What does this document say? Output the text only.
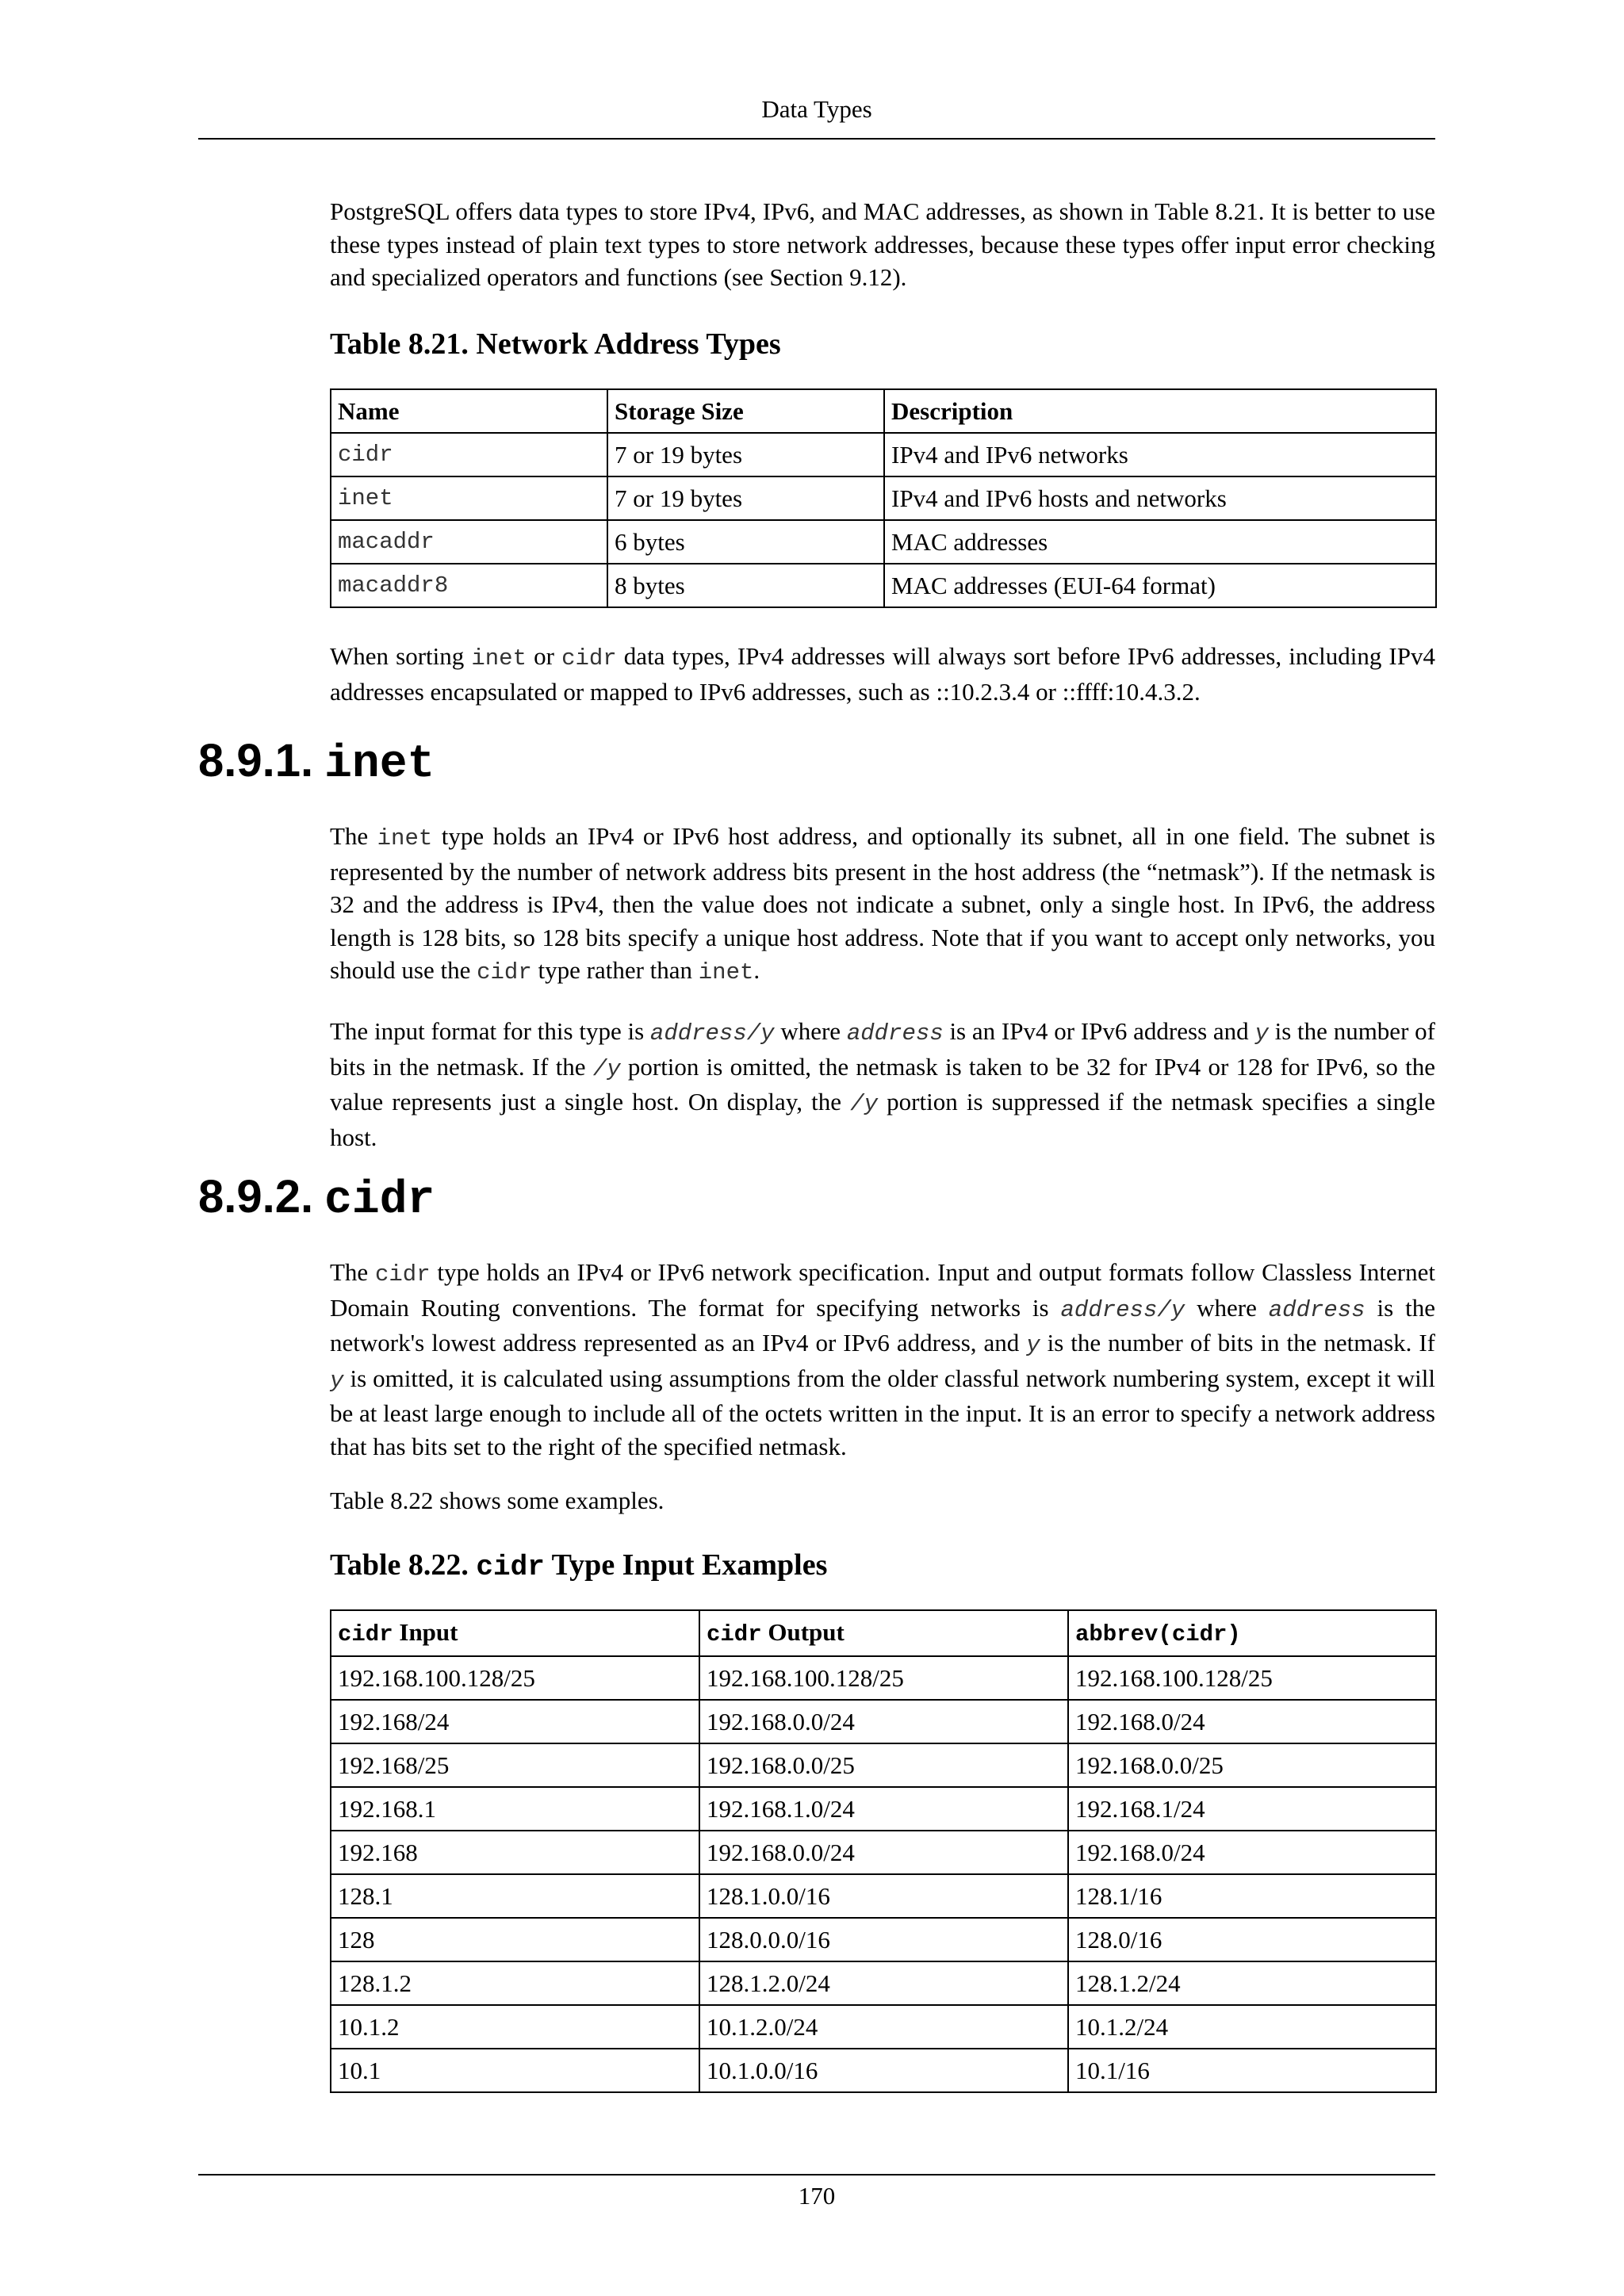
Data Types

PostgreSQL offers data types to store IPv4, IPv6, and MAC addresses, as shown in Table 8.21. It is better to use these types instead of plain text types to store network addresses, because these types offer input error checking and specialized operators and functions (see Section 9.12).

Table 8.21. Network Address Types

Name	Storage Size	Description
cidr	7 or 19 bytes	IPv4 and IPv6 networks
inet	7 or 19 bytes	IPv4 and IPv6 hosts and networks
macaddr	6 bytes	MAC addresses
macaddr8	8 bytes	MAC addresses (EUI-64 format)

When sorting inet or cidr data types, IPv4 addresses will always sort before IPv6 addresses, including IPv4 addresses encapsulated or mapped to IPv6 addresses, such as ::10.2.3.4 or ::ffff:10.4.3.2.

8.9.1. inet

The inet type holds an IPv4 or IPv6 host address, and optionally its subnet, all in one field. The subnet is represented by the number of network address bits present in the host address (the “netmask”). If the netmask is 32 and the address is IPv4, then the value does not indicate a subnet, only a single host. In IPv6, the address length is 128 bits, so 128 bits specify a unique host address. Note that if you want to accept only networks, you should use the cidr type rather than inet.

The input format for this type is address/y where address is an IPv4 or IPv6 address and y is the number of bits in the netmask. If the /y portion is omitted, the netmask is taken to be 32 for IPv4 or 128 for IPv6, so the value represents just a single host. On display, the /y portion is suppressed if the netmask specifies a single host.

8.9.2. cidr

The cidr type holds an IPv4 or IPv6 network specification. Input and output formats follow Classless Internet Domain Routing conventions. The format for specifying networks is address/y where address is the network's lowest address represented as an IPv4 or IPv6 address, and y is the number of bits in the netmask. If y is omitted, it is calculated using assumptions from the older classful network numbering system, except it will be at least large enough to include all of the octets written in the input. It is an error to specify a network address that has bits set to the right of the specified netmask.

Table 8.22 shows some examples.

Table 8.22. cidr Type Input Examples

cidr Input	cidr Output	abbrev(cidr)
192.168.100.128/25	192.168.100.128/25	192.168.100.128/25
192.168/24	192.168.0.0/24	192.168.0/24
192.168/25	192.168.0.0/25	192.168.0.0/25
192.168.1	192.168.1.0/24	192.168.1/24
192.168	192.168.0.0/24	192.168.0/24
128.1	128.1.0.0/16	128.1/16
128	128.0.0.0/16	128.0/16
128.1.2	128.1.2.0/24	128.1.2/24
10.1.2	10.1.2.0/24	10.1.2/24
10.1	10.1.0.0/16	10.1/16
170
